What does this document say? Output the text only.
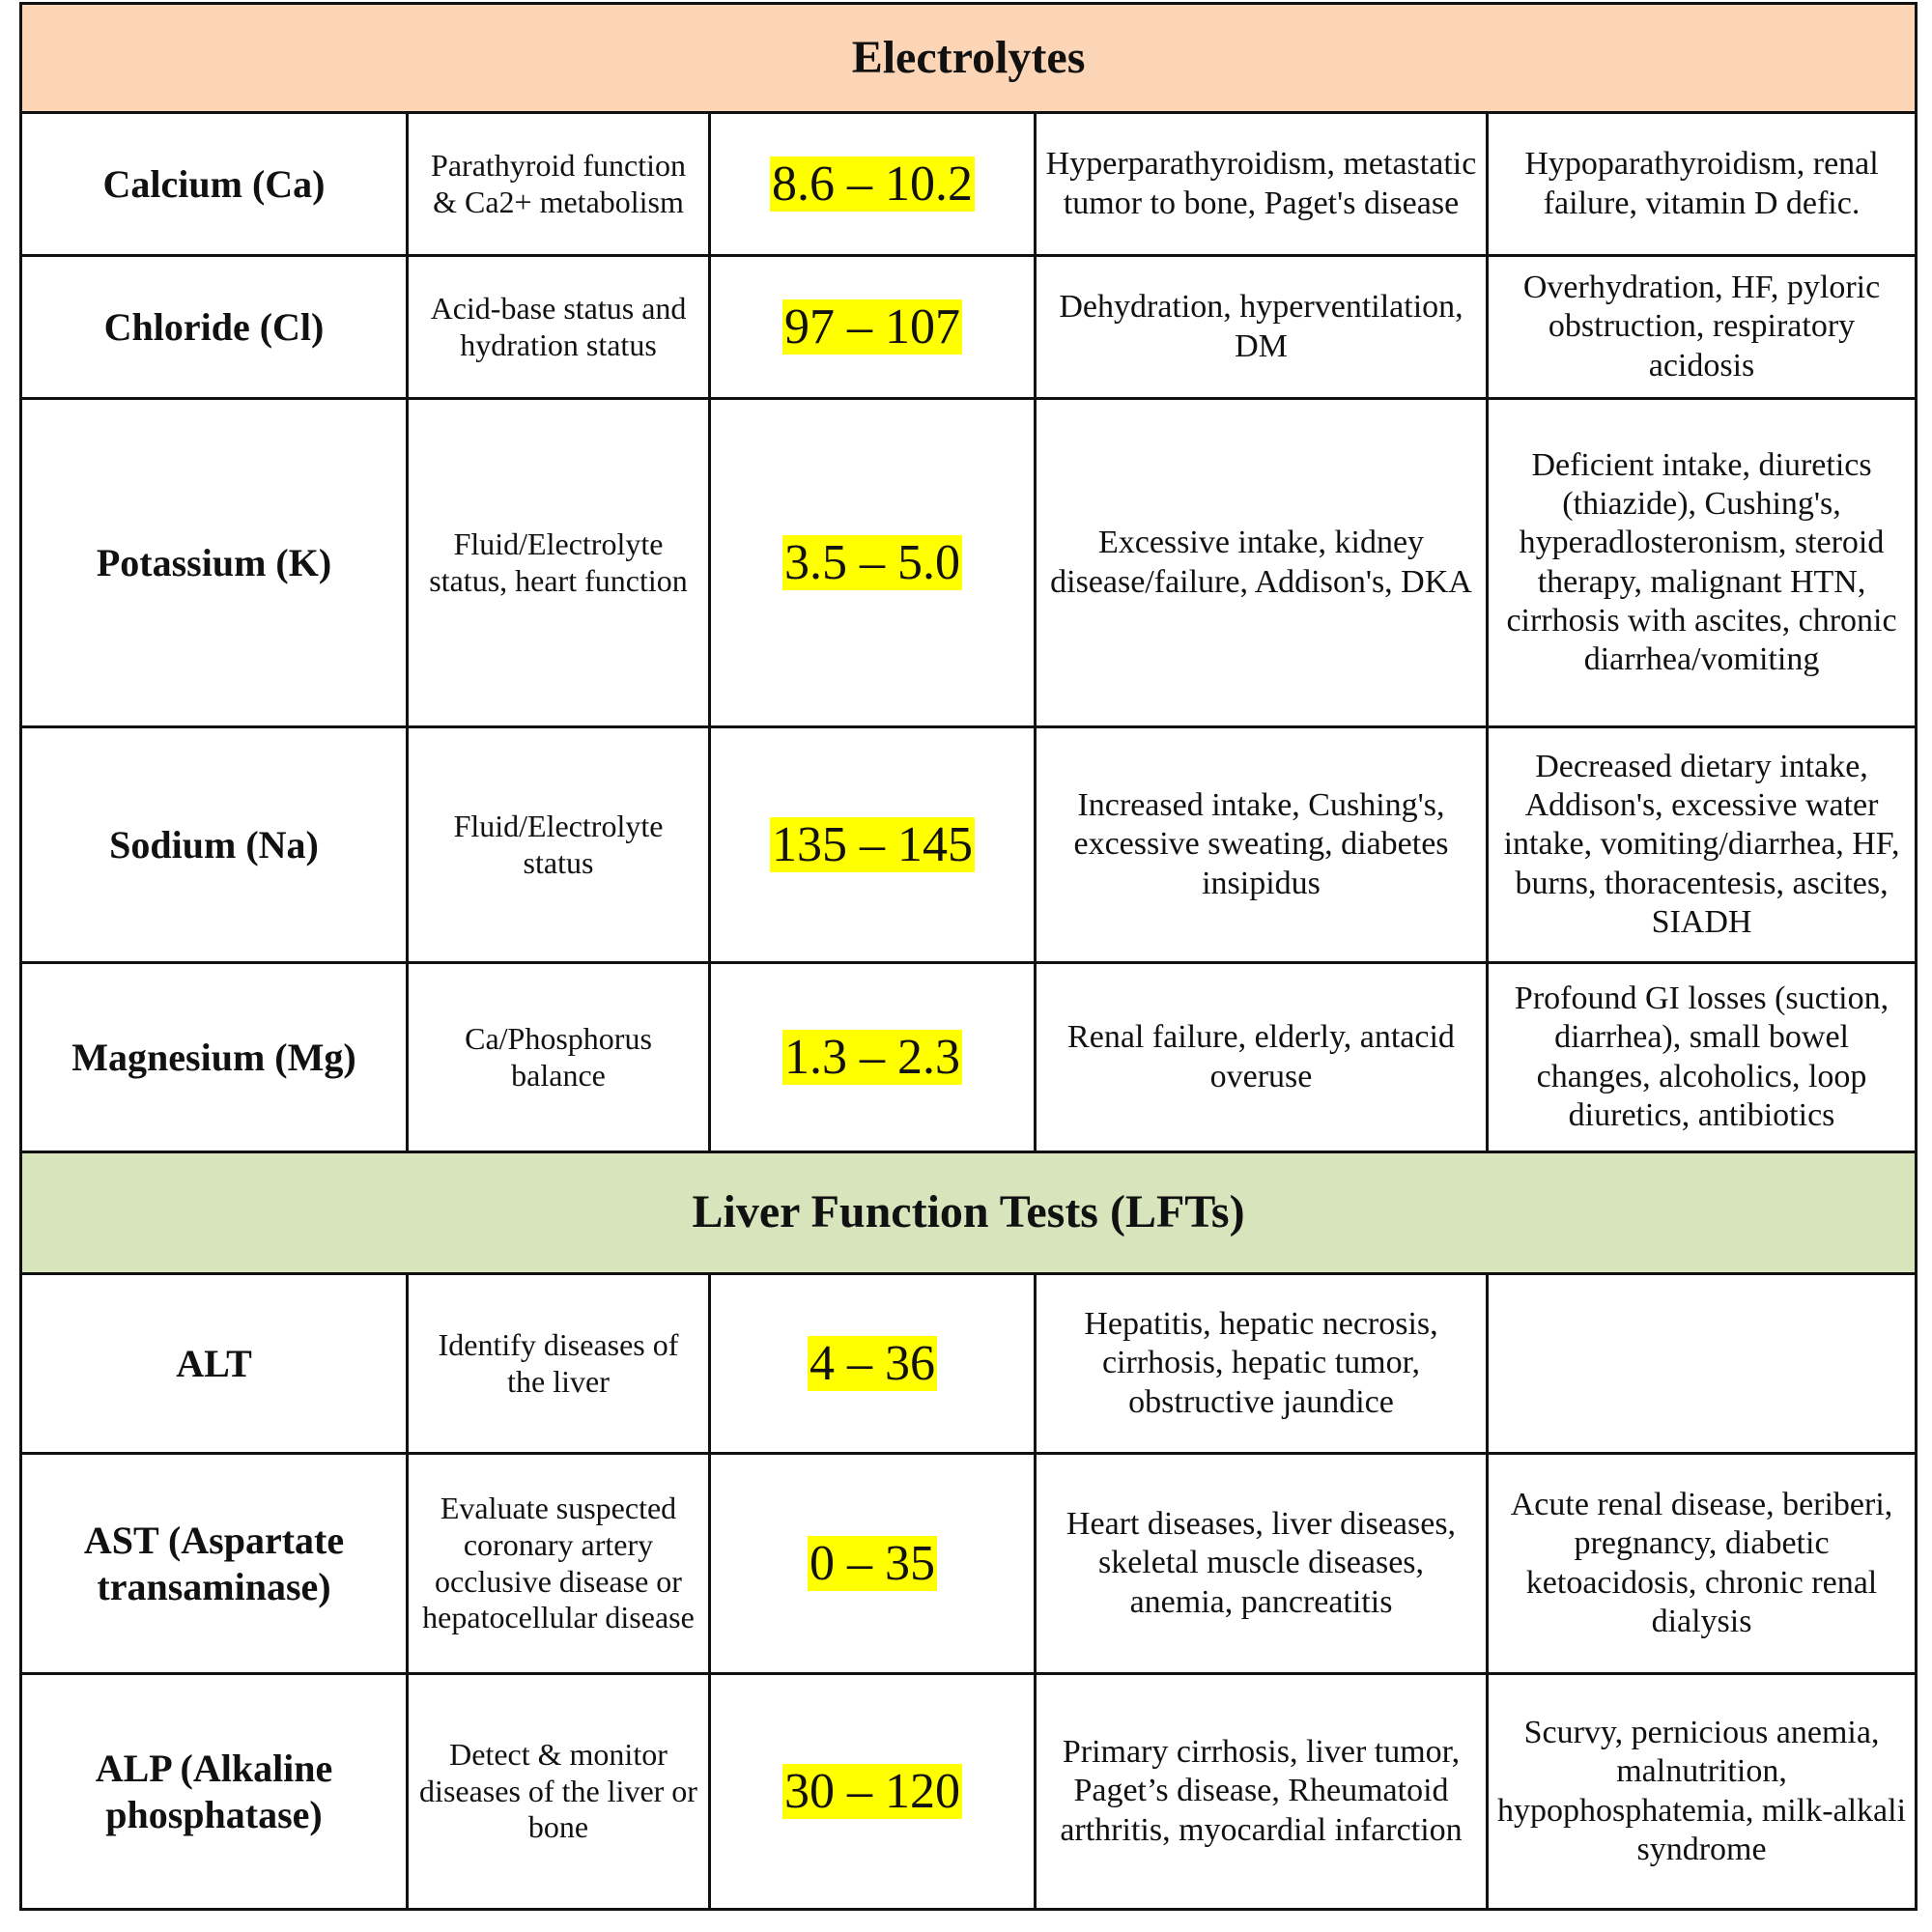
Electrolytes				
Calcium (Ca)	Parathyroid function & Ca2+ metabolism	8.6 – 10.2	Hyperparathyroidism, metastatic tumor to bone, Paget's disease	Hypoparathyroidism, renal failure, vitamin D defic.
Chloride (Cl)	Acid-base status and hydration status	97 – 107	Dehydration, hyperventilation, DM	Overhydration, HF, pyloric obstruction, respiratory acidosis
Potassium (K)	Fluid/Electrolyte status, heart function	3.5 – 5.0	Excessive intake, kidney disease/failure, Addison's, DKA	Deficient intake, diuretics (thiazide), Cushing's, hyperadlosteronism, steroid therapy, malignant HTN, cirrhosis with ascites, chronic diarrhea/vomiting
Sodium (Na)	Fluid/Electrolyte status	135 – 145	Increased intake, Cushing's, excessive sweating, diabetes insipidus	Decreased dietary intake, Addison's, excessive water intake, vomiting/diarrhea, HF, burns, thoracentesis, ascites, SIADH
Magnesium (Mg)	Ca/Phosphorus balance	1.3 – 2.3	Renal failure, elderly, antacid overuse	Profound GI losses (suction, diarrhea), small bowel changes, alcoholics, loop diuretics, antibiotics
Liver Function Tests (LFTs)				
ALT	Identify diseases of the liver	4 – 36	Hepatitis, hepatic necrosis, cirrhosis, hepatic tumor, obstructive jaundice	
AST (Aspartate transaminase)	Evaluate suspected coronary artery occlusive disease or hepatocellular disease	0 – 35	Heart diseases, liver diseases, skeletal muscle diseases, anemia, pancreatitis	Acute renal disease, beriberi, pregnancy, diabetic ketoacidosis, chronic renal dialysis
ALP (Alkaline phosphatase)	Detect & monitor diseases of the liver or bone	30 – 120	Primary cirrhosis, liver tumor, Paget’s disease, Rheumatoid arthritis, myocardial infarction	Scurvy, pernicious anemia, malnutrition, hypophosphatemia, milk-alkali syndrome
